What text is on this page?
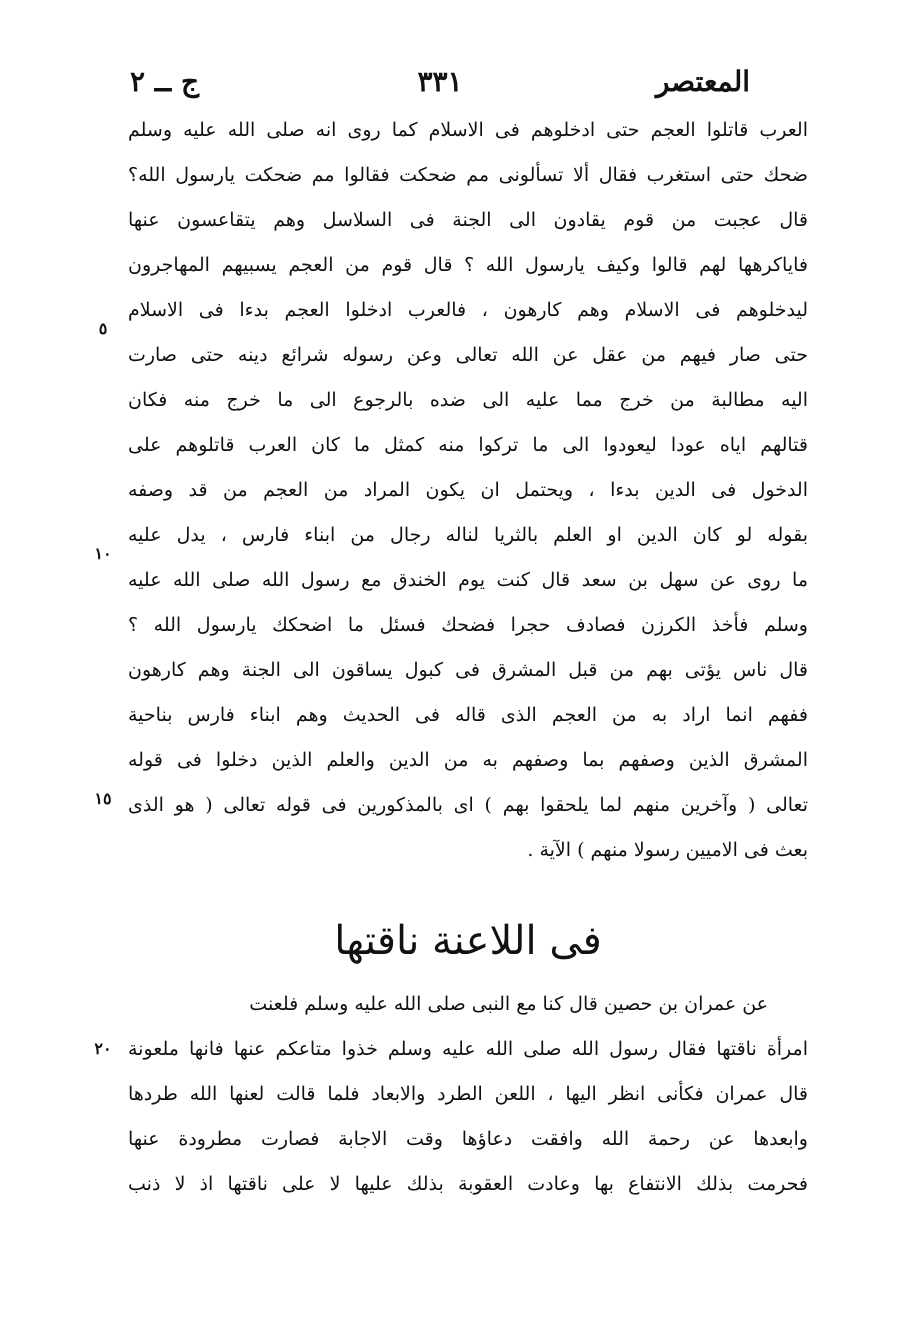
المعتصر
٣٣١
ج ــ ٢
العرب قاتلوا العجم حتى ادخلوهم فى الاسلام كما روى انه صلى الله عليه وسلم
ضحك حتى استغرب فقال ألا تسألونى مم ضحكت فقالوا مم ضحكت يارسول الله؟
قال عجبت من قوم يقادون الى الجنة فى السلاسل وهم يتقاعسون عنها
فاياكرهها لهم قالوا وكيف يارسول الله ؟ قال قوم من العجم يسبيهم المهاجرون
ليدخلوهم فى الاسلام وهم كارهون ، فالعرب ادخلوا العجم بدءا فى الاسلام
حتى صار فيهم من عقل عن الله تعالى وعن رسوله شرائع دينه حتى صارت
اليه مطالبة من خرج مما عليه الى ضده بالرجوع الى ما خرج منه فكان
قتالهم اياه عودا ليعودوا الى ما تركوا منه كمثل ما كان العرب قاتلوهم على
الدخول فى الدين بدءا ، ويحتمل ان يكون المراد من العجم من قد وصفه
بقوله لو كان الدين او العلم بالثريا لناله رجال من ابناء فارس ، يدل عليه
ما روى عن سهل بن سعد قال كنت يوم الخندق مع رسول الله صلى الله عليه
وسلم فأخذ الكرزن فصادف حجرا فضحك فسئل ما اضحكك يارسول الله ؟
قال ناس يؤتى بهم من قبل المشرق فى كبول يساقون الى الجنة وهم كارهون
ففهم انما اراد به من العجم الذى قاله فى الحديث وهم ابناء فارس بناحية
المشرق الذين وصفهم بما وصفهم به من الدين والعلم الذين دخلوا فى قوله
تعالى ( وآخرين منهم لما يلحقوا بهم ) اى بالمذكورين فى قوله تعالى ( هو الذى
بعث فى الاميين رسولا منهم ) الآية .
٥
١٠
١٥
٢٠
فى اللاعنة ناقتها
عن عمران بن حصين قال كنا مع النبى صلى الله عليه وسلم فلعنت
امرأة ناقتها فقال رسول الله صلى الله عليه وسلم خذوا متاعكم عنها فانها ملعونة
قال عمران فكأنى انظر اليها ، اللعن الطرد والابعاد فلما قالت لعنها الله طردها
وابعدها عن رحمة الله وافقت دعاؤها وقت الاجابة فصارت مطرودة عنها
فحرمت بذلك الانتفاع بها وعادت العقوبة بذلك عليها لا على ناقتها اذ لا ذنب
